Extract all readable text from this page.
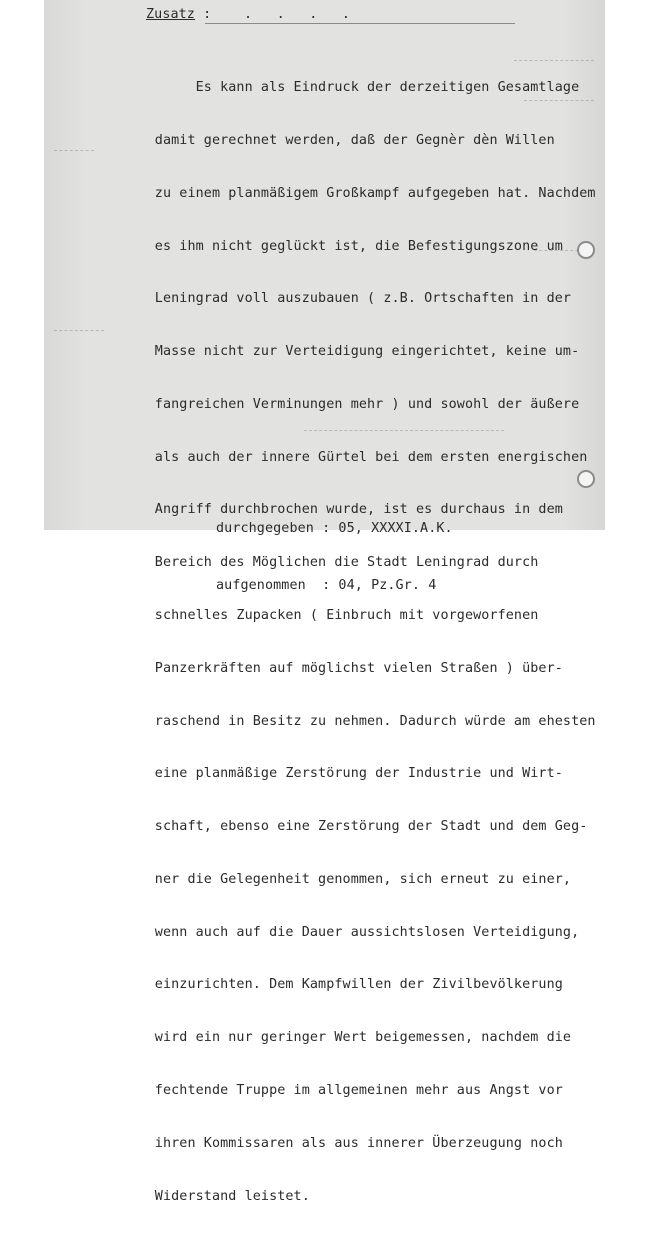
Zusatz :    .   .   .   .

Es kann als Eindruck der derzeitigen Gesamtlage

damit gerechnet werden, daß der Gegnèr dèn Willen

zu einem planmäßigem Großkampf aufgegeben hat. Nachdem

es ihm nicht geglückt ist, die Befestigungszone um

Leningrad voll auszubauen ( z.B. Ortschaften in der

Masse nicht zur Verteidigung eingerichtet, keine um-

fangreichen Verminungen mehr ) und sowohl der äußere

als auch der innere Gürtel bei dem ersten energischen

Angriff durchbrochen wurde, ist es durchaus in dem

Bereich des Möglichen die Stadt Leningrad durch

schnelles Zupacken ( Einbruch mit vorgeworfenen

Panzerkräften auf möglichst vielen Straßen ) über-

raschend in Besitz zu nehmen. Dadurch würde am ehesten

eine planmäßige Zerstörung der Industrie und Wirt-

schaft, ebenso eine Zerstörung der Stadt und dem Geg-

ner die Gelegenheit genommen, sich erneut zu einer,

wenn auch auf die Dauer aussichtslosen Verteidigung,

einzurichten. Dem Kampfwillen der Zivilbevölkerung

wird ein nur geringer Wert beigemessen, nachdem die

fechtende Truppe im allgemeinen mehr aus Angst vor

ihren Kommissaren als aus innerer Überzeugung noch

Widerstand leistet.

durchgegeben : 05, XXXXI.A.K.

aufgenommen  : 04, Pz.Gr. 4
